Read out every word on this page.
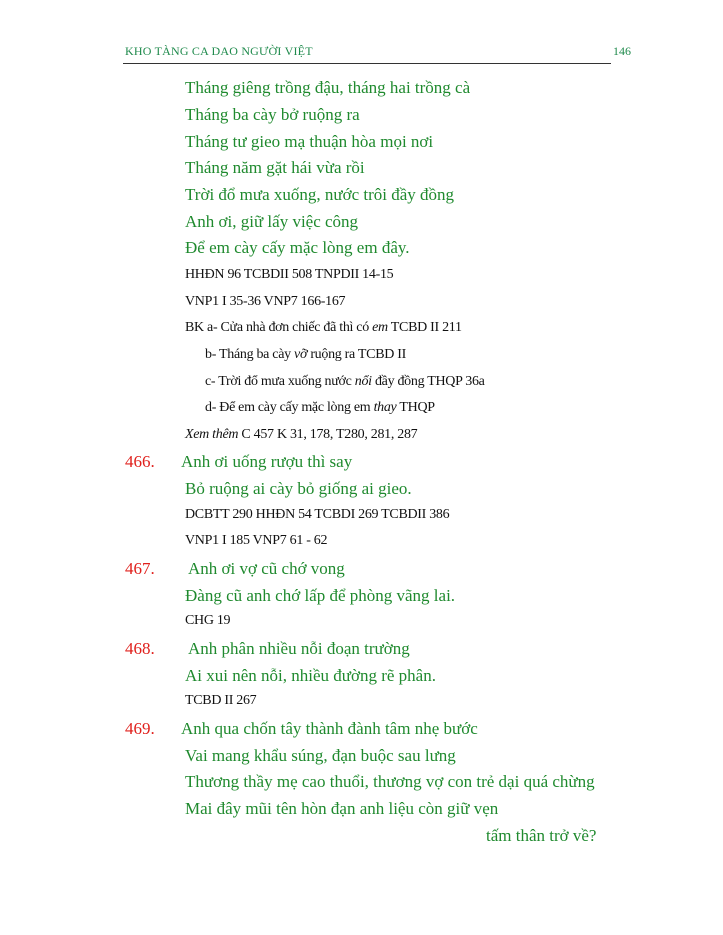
KHO TÀNG CA DAO NGƯỜI VIỆT	146
Tháng giêng trồng đậu, tháng hai trồng cà
Tháng ba cày bở ruộng ra
Tháng tư gieo mạ thuận hòa mọi nơi
Tháng năm gặt hái vừa rồi
Trời đổ mưa xuống, nước trôi đầy đồng
Anh ơi, giữ lấy việc công
Để em cày cấy mặc lòng em đây.
HHĐN 96 TCBDII 508 TNPDII 14-15
VNP1 I 35-36 VNP7 166-167
BK a- Cửa nhà đơn chiếc đã thì có em TCBD II 211
b- Tháng ba cày vỡ ruộng ra TCBD II
c- Trời đổ mưa xuống nước nổi đầy đồng THQP 36a
d- Để em cày cấy mặc lòng em thay THQP
Xem thêm C 457 K 31, 178, T280, 281, 287
466. Anh ơi uống rượu thì say
Bỏ ruộng ai cày bỏ giống ai gieo.
DCBTT 290 HHĐN 54 TCBDI 269 TCBDII 386
VNP1 I 185 VNP7 61 - 62
467. Anh ơi vợ cũ chớ vong
Đàng cũ anh chớ lấp để phòng vãng lai.
CHG 19
468. Anh phân nhiều nỗi đoạn trường
Ai xui nên nỗi, nhiều đường rẽ phân.
TCBD II 267
469. Anh qua chốn tây thành đành tâm nhẹ bước
Vai mang khẩu súng, đạn buộc sau lưng
Thương thầy mẹ cao thuổi, thương vợ con trẻ dại quá chừng
Mai đây mũi tên hòn đạn anh liệu còn giữ vẹn
tấm thân trở về?
